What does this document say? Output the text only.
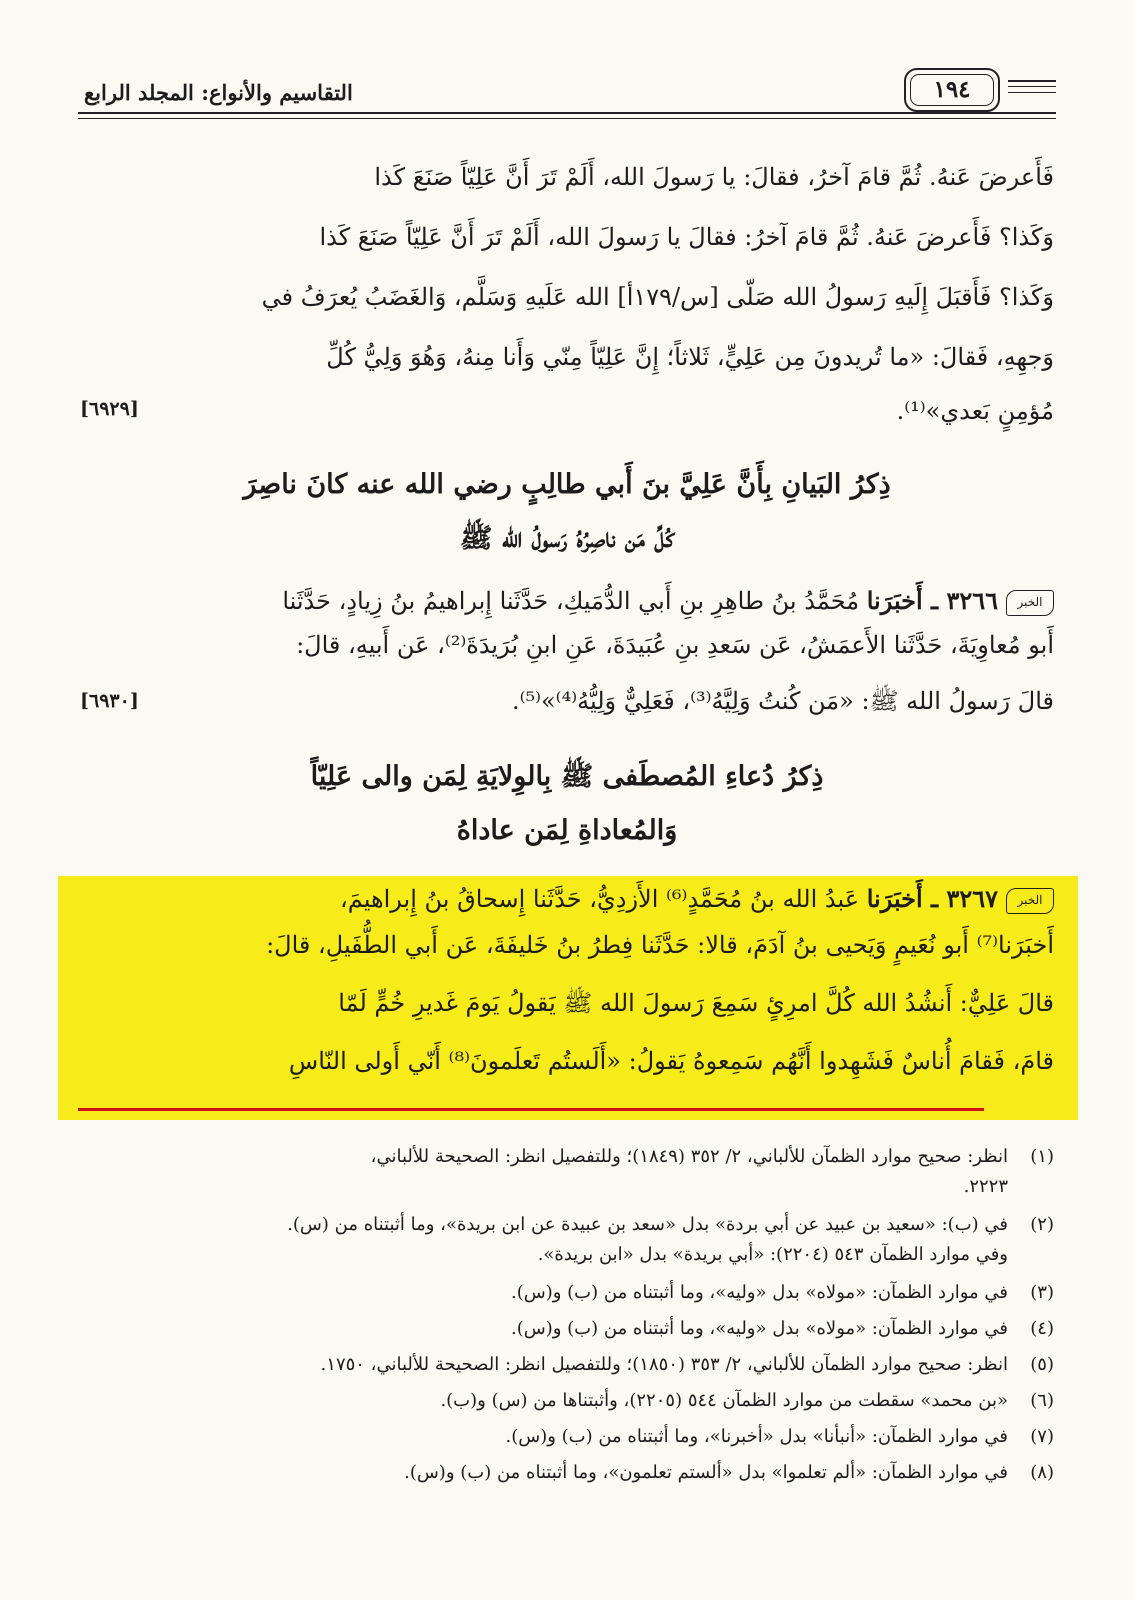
التقاسيم والأنواع: المجلد الرابع	١٩٤
فَأَعرضَ عَنهُ. ثُمَّ قامَ آخرُ، فقالَ: يا رَسولَ الله، أَلَمْ تَرَ أَنَّ عَلِيّاً صَنَعَ كَذا
وَكَذا؟ فَأَعرضَ عَنهُ. ثُمَّ قامَ آخرُ: فقالَ يا رَسولَ الله، أَلَمْ تَرَ أَنَّ عَلِيّاً صَنَعَ كَذا
وَكَذا؟ فَأَقبَلَ إِلَيهِ رَسولُ الله صَلّى [س/١٧٩أ] الله عَلَيهِ وَسَلَّم، وَالغَضَبُ يُعرَفُ في
وَجهِهِ، فَقالَ: «ما تُريدونَ مِن عَلِيٍّ، ثَلاثاً؛ إِنَّ عَلِيّاً مِنّي وَأَنا مِنهُ، وَهُوَ وَلِيُّ كُلِّ
مُؤمِنٍ بَعدي»⁽¹⁾.
[٦٩٢٩]
ذِكرُ البَيانِ بِأَنَّ عَلِيَّ بنَ أَبي طالِبٍ رضي الله عنه كانَ ناصِرَ
كُلِّ مَن ناصِرُهُ رَسولُ الله ﷺ
الخبر٣٢٦٦ ـ أَخبَرَنا مُحَمَّدُ بنُ طاهِرِ بنِ أَبي الدُّمَيكِ، حَدَّثَنا إِبراهيمُ بنُ زِيادٍ، حَدَّثَنا
أَبو مُعاوِيَةَ، حَدَّثَنا الأَعمَشُ، عَن سَعدِ بنِ عُبَيدَةَ، عَنِ ابنِ بُرَيدَةَ⁽²⁾، عَن أَبيهِ، قالَ:
قالَ رَسولُ الله ﷺ: «مَن كُنتُ وَلِيَّهُ⁽³⁾، فَعَلِيٌّ وَلِيُّهُ⁽⁴⁾»⁽⁵⁾.
[٦٩٣٠]
ذِكرُ دُعاءِ المُصطَفى ﷺ بِالوِلايَةِ لِمَن والى عَلِيّاً
وَالمُعاداةِ لِمَن عاداهُ
الخبر٣٢٦٧ ـ أَخبَرَنا عَبدُ الله بنُ مُحَمَّدٍ⁽⁶⁾ الأَزدِيُّ، حَدَّثَنا إِسحاقُ بنُ إِبراهيمَ،
أَخبَرَنا⁽⁷⁾ أَبو نُعَيمٍ وَيَحيى بنُ آدَمَ، قالا: حَدَّثَنا فِطرُ بنُ خَليفَةَ، عَن أَبي الطُّفَيلِ، قالَ:
قالَ عَلِيٌّ: أَنشُدُ الله كُلَّ امرِئٍ سَمِعَ رَسولَ الله ﷺ يَقولُ يَومَ غَديرِ خُمٍّ لَمّا
قامَ، فَقامَ أُناسٌ فَشَهِدوا أَنَّهُم سَمِعوهُ يَقولُ: «أَلَستُم تَعلَمونَ⁽⁸⁾ أَنّي أَولى النّاسِ
(١)انظر: صحيح موارد الظمآن للألباني، ٢/ ٣٥٢ (١٨٤٩)؛ وللتفصيل انظر: الصحيحة للألباني،
٢٢٢٣.
(٢)في (ب): «سعيد بن عبيد عن أبي بردة» بدل «سعد بن عبيدة عن ابن بريدة»، وما أثبتناه من (س).
وفي موارد الظمآن ٥٤٣ (٢٢٠٤): «أبي بريدة» بدل «ابن بريدة».
(٣)في موارد الظمآن: «مولاه» بدل «وليه»، وما أثبتناه من (ب) و(س).
(٤)في موارد الظمآن: «مولاه» بدل «وليه»، وما أثبتناه من (ب) و(س).
(٥)انظر: صحيح موارد الظمآن للألباني، ٢/ ٣٥٣ (١٨٥٠)؛ وللتفصيل انظر: الصحيحة للألباني، ١٧٥٠.
(٦)«بن محمد» سقطت من موارد الظمآن ٥٤٤ (٢٢٠٥)، وأثبتناها من (س) و(ب).
(٧)في موارد الظمآن: «أنبأنا» بدل «أخبرنا»، وما أثبتناه من (ب) و(س).
(٨)في موارد الظمآن: «ألم تعلموا» بدل «ألستم تعلمون»، وما أثبتناه من (ب) و(س).
